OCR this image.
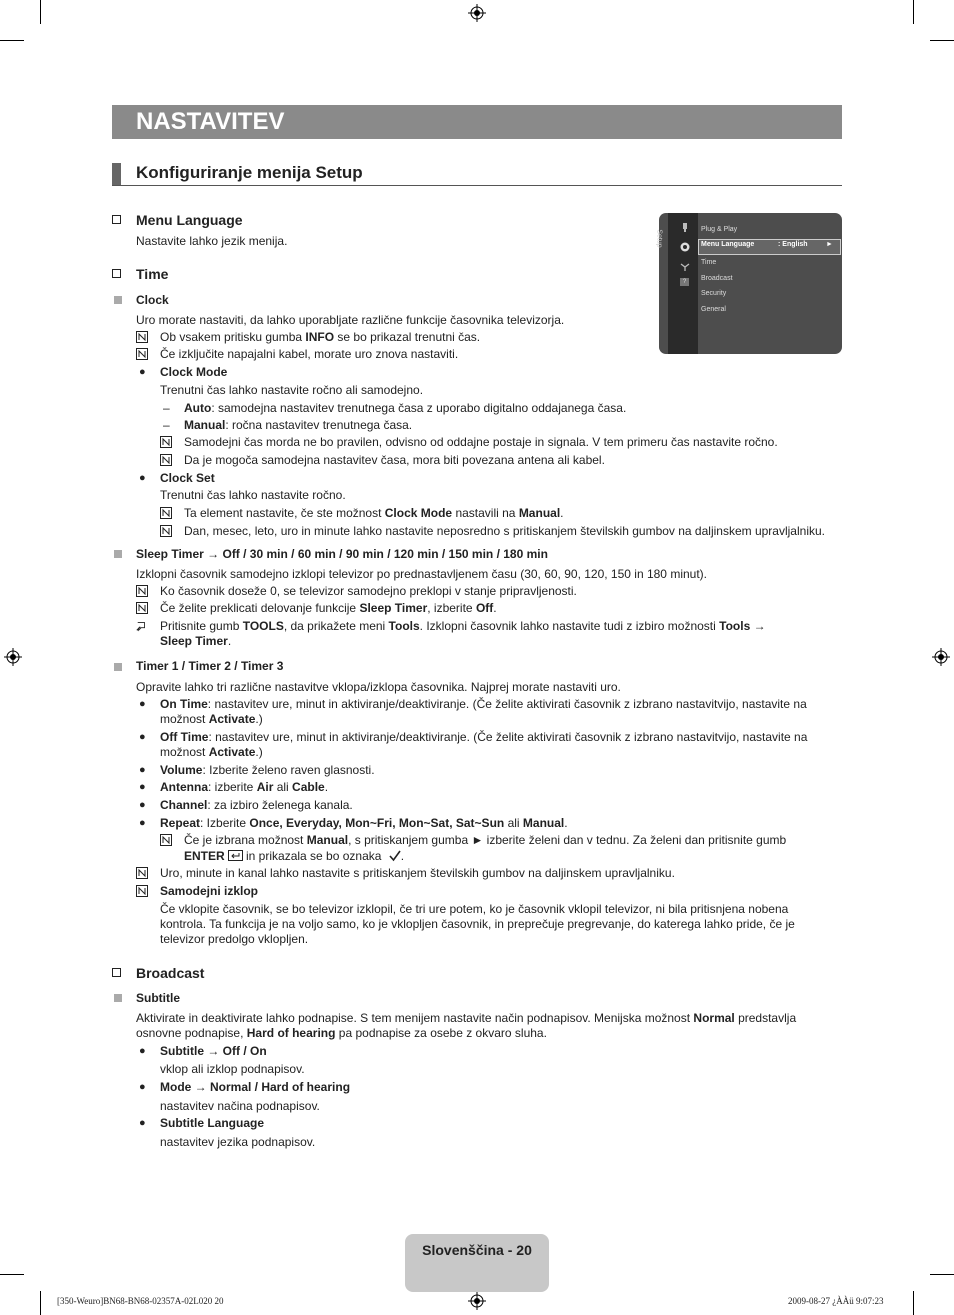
NASTAVITEV
Konfiguriranje menija Setup
Setup
?
Plug & Play
Menu Language	: English	►
Time
Broadcast
Security
General
Menu Language
Nastavite lahko jezik menija.
Time
Clock
Uro morate nastaviti, da lahko uporabljate različne funkcije časovnika televizorja.
Ob vsakem pritisku gumba INFO se bo prikazal trenutni čas.
Če izključite napajalni kabel, morate uro znova nastaviti.
● Clock Mode
Trenutni čas lahko nastavite ročno ali samodejno.
– Auto: samodejna nastavitev trenutnega časa z uporabo digitalno oddajanega časa.
– Manual: ročna nastavitev trenutnega časa.
Samodejni čas morda ne bo pravilen, odvisno od oddajne postaje in signala. V tem primeru čas nastavite ročno.
Da je mogoča samodejna nastavitev časa, mora biti povezana antena ali kabel.
● Clock Set
Trenutni čas lahko nastavite ročno.
Ta element nastavite, če ste možnost Clock Mode nastavili na Manual.
Dan, mesec, leto, uro in minute lahko nastavite neposredno s pritiskanjem številskih gumbov na daljinskem upravljalniku.
Sleep Timer → Off / 30 min / 60 min / 90 min / 120 min / 150 min / 180 min
Izklopni časovnik samodejno izklopi televizor po prednastavljenem času (30, 60, 90, 120, 150 in 180 minut).
Ko časovnik doseže 0, se televizor samodejno preklopi v stanje pripravljenosti.
Če želite preklicati delovanje funkcije Sleep Timer, izberite Off.
Pritisnite gumb TOOLS, da prikažete meni Tools. Izklopni časovnik lahko nastavite tudi z izbiro možnosti Tools →
Sleep Timer.
Timer 1 / Timer 2 / Timer 3
Opravite lahko tri različne nastavitve vklopa/izklopa časovnika. Najprej morate nastaviti uro.
● On Time: nastavitev ure, minut in aktiviranje/deaktiviranje. (Če želite aktivirati časovnik z izbrano nastavitvijo, nastavite na
možnost Activate.)
● Off Time: nastavitev ure, minut in aktiviranje/deaktiviranje. (Če želite aktivirati časovnik z izbrano nastavitvijo, nastavite na
možnost Activate.)
● Volume: Izberite želeno raven glasnosti.
● Antenna: izberite Air ali Cable.
● Channel: za izbiro želenega kanala.
● Repeat: Izberite Once, Everyday, Mon~Fri, Mon~Sat, Sat~Sun ali Manual.
Če je izbrana možnost Manual, s pritiskanjem gumba ► izberite želeni dan v tednu. Za želeni dan pritisnite gumb
ENTER in prikazala se bo oznaka .
Uro, minute in kanal lahko nastavite s pritiskanjem številskih gumbov na daljinskem upravljalniku.
Samodejni izklop
Če vklopite časovnik, se bo televizor izklopil, če tri ure potem, ko je časovnik vklopil televizor, ni bila pritisnjena nobena kontrola. Ta funkcija je na voljo samo, ko je vklopljen časovnik, in preprečuje pregrevanje, do katerega lahko pride, če je televizor predolgo vklopljen.
Broadcast
Subtitle
Aktivirate in deaktivirate lahko podnapise. S tem menijem nastavite način podnapisov. Menijska možnost Normal predstavlja osnovne podnapise, Hard of hearing pa podnapise za osebe z okvaro sluha.
● Subtitle → Off / On
vklop ali izklop podnapisov.
● Mode → Normal / Hard of hearing
nastavitev načina podnapisov.
● Subtitle Language
nastavitev jezika podnapisov.
Slovenščina - 20
[350-Weuro]BN68-BN68-02357A-02L020 20	2009-08-27 ¿ÀÀü 9:07:23
